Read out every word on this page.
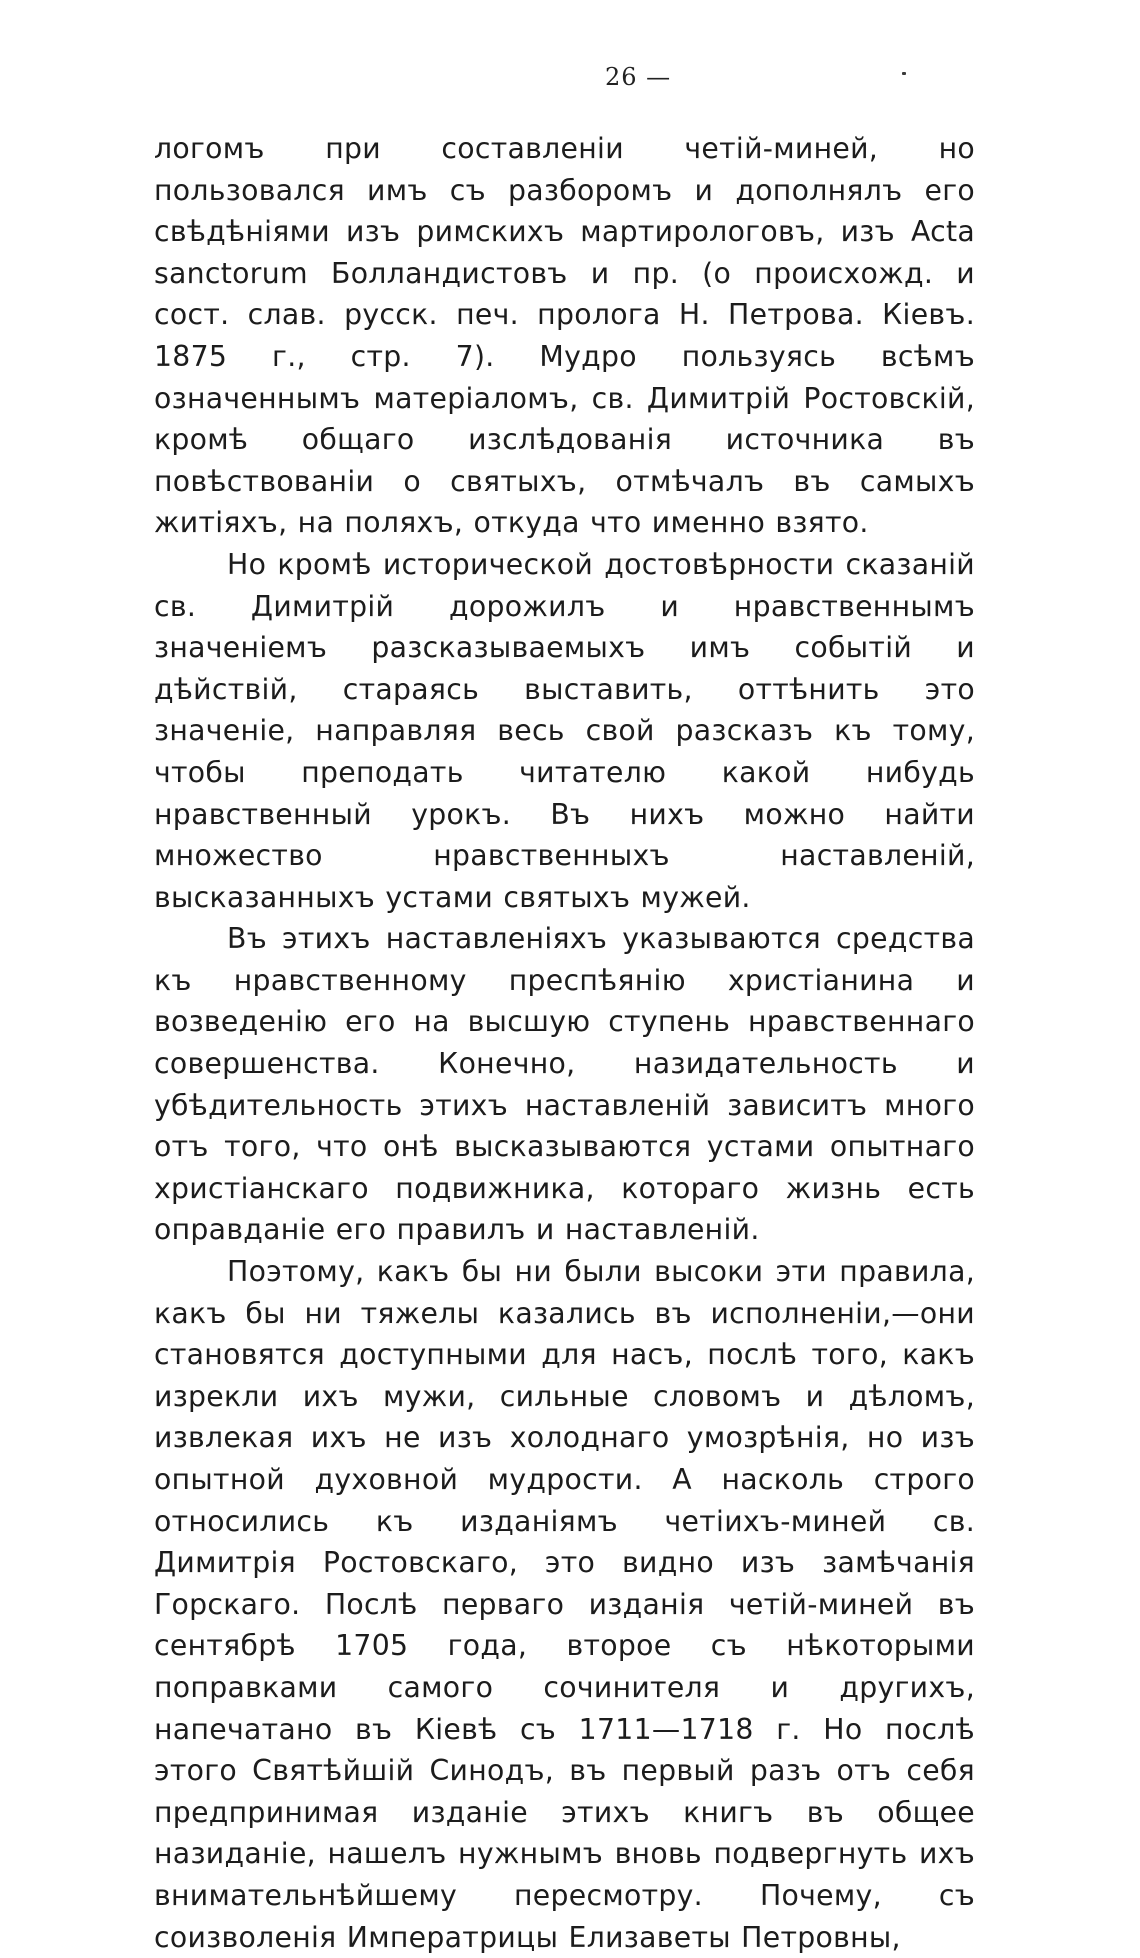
26 —

логомъ при составленіи четій-миней, но пользовался имъ съ разборомъ и дополнялъ его свѣдѣніями изъ римскихъ мартирологовъ, изъ Acta sanctorum Болландистовъ и пр. (о происхожд. и сост. слав. русск. печ. пролога Н. Петрова. Кіевъ. 1875 г., стр. 7). Мудро пользуясь всѣмъ означеннымъ матеріаломъ, св. Димитрій Ростовскій, кромѣ общаго изслѣдованія источника въ повѣствованіи о святыхъ, отмѣчалъ въ самыхъ житіяхъ, на поляхъ, откуда что именно взято.

Но кромѣ исторической достовѣрности сказаній св. Димитрій дорожилъ и нравственнымъ значеніемъ разсказываемыхъ имъ событій и дѣйствій, стараясь выставить, оттѣнить это значеніе, направляя весь свой разсказъ къ тому, чтобы преподать читателю какой нибудь нравственный урокъ. Въ нихъ можно найти множество нравственныхъ наставленій, высказанныхъ устами святыхъ мужей.

Въ этихъ наставленіяхъ указываются средства къ нравственному преспѣянію христіанина и возведенію его на высшую ступень нравственнаго совершенства. Конечно, назидательность и убѣдительность этихъ наставленій зависитъ много отъ того, что онѣ высказываются устами опытнаго христіанскаго подвижника, котораго жизнь есть оправданіе его правилъ и наставленій.

Поэтому, какъ бы ни были высоки эти правила, какъ бы ни тяжелы казались въ исполненіи,—они становятся доступными для насъ, послѣ того, какъ изрекли ихъ мужи, сильные словомъ и дѣломъ, извлекая ихъ не изъ холоднаго умозрѣнія, но изъ опытной духовной мудрости. А насколь строго относились къ изданіямъ четіихъ-миней св. Димитрія Ростовскаго, это видно изъ замѣчанія Горскаго. Послѣ перваго изданія четій-миней въ сентябрѣ 1705 года, второе съ нѣкоторыми поправками самого сочинителя и другихъ, напечатано въ Кіевѣ съ 1711—1718 г. Но послѣ этого Святѣйшій Синодъ, въ первый разъ отъ себя предпринимая изданіе этихъ книгъ въ общее назиданіе, нашелъ нужнымъ вновь подвергнуть ихъ внимательнѣйшему пересмотру. Почему, съ соизволенія Императрицы Елизаветы Петровны,
